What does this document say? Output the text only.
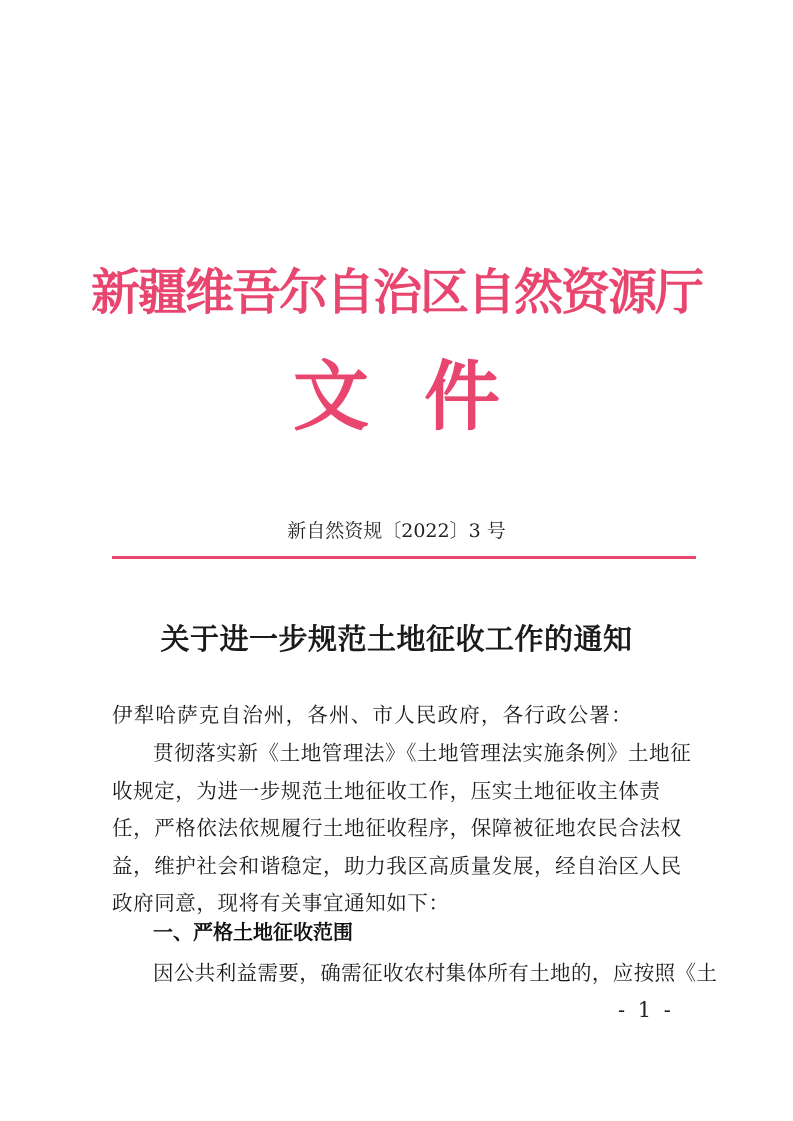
新疆维吾尔自治区自然资源厅
文件
新自然资规〔2022〕3 号
关于进一步规范土地征收工作的通知
伊犁哈萨克自治州，各州、市人民政府，各行政公署：
贯彻落实新《土地管理法》《土地管理法实施条例》土地征收规定，为进一步规范土地征收工作，压实土地征收主体责任，严格依法依规履行土地征收程序，保障被征地农民合法权益，维护社会和谐稳定，助力我区高质量发展，经自治区人民政府同意，现将有关事宜通知如下：
一、严格土地征收范围
因公共利益需要，确需征收农村集体所有土地的，应按照《土
- 1 -
